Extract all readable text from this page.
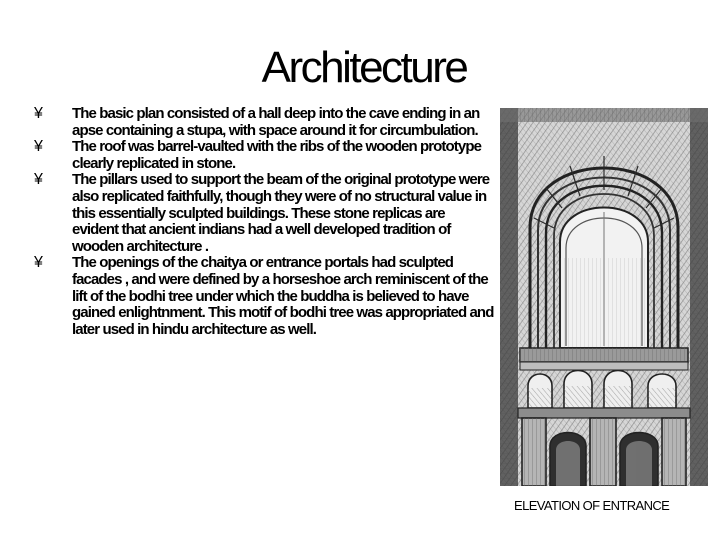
Architecture
¥ The basic plan consisted of a hall deep into the cave ending in an apse containing a stupa, with space around it for circumbulation.
¥ The roof was barrel-vaulted with the ribs of the wooden prototype clearly replicated in stone.
¥ The pillars used to support the beam of the original prototype were also replicated faithfully, though they were of no structural value in this essentially sculpted buildings. These stone replicas are evident that ancient indians had a well developed tradition of wooden architecture .
¥ The openings of the chaitya or entrance portals had sculpted facades , and were defined by a horseshoe arch reminiscent of the lift of the bodhi tree under which the buddha is believed to have gained enlightnment. This motif of bodhi tree was appropriated and later used in hindu architecture as well.
ELEVATION OF ENTRANCE
